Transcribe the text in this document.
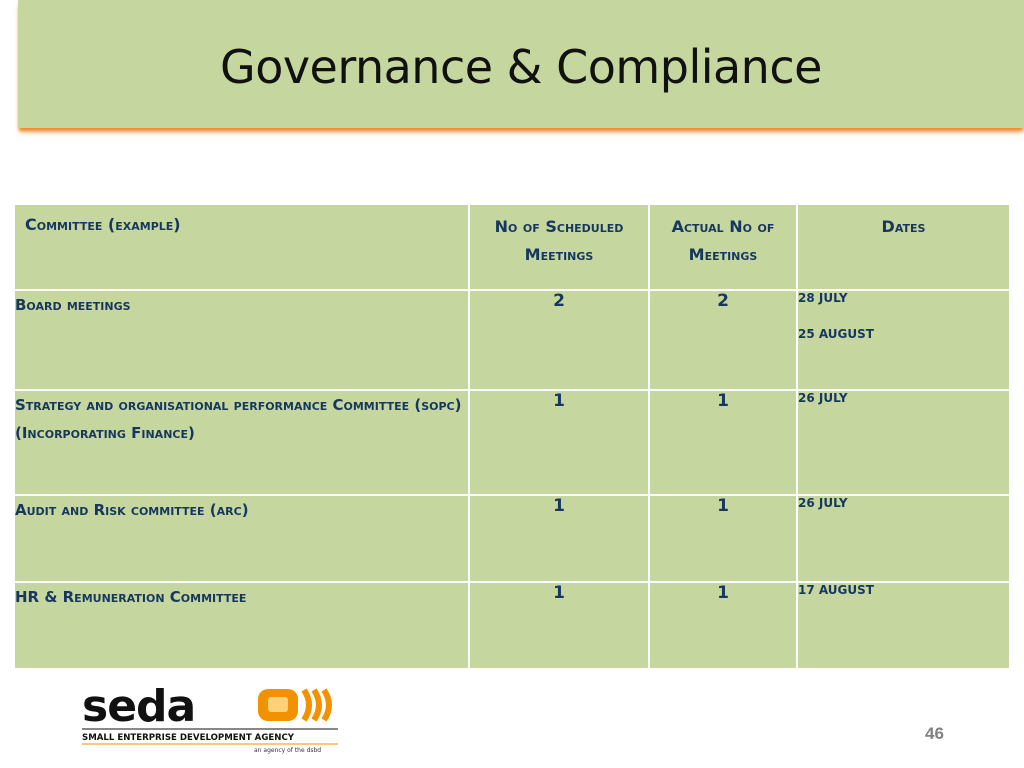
Governance & Compliance
Committee (example)	No of Scheduled Meetings	Actual No of Meetings	Dates
Board meetings	2	2	28 JULY
25 AUGUST

Strategy and organisational performance Committee (sopc) (Incorporating Finance)	1	1	26 JULY

Audit and Risk committee (arc)	1	1	26 JULY

HR & Remuneration Committee	1	1	17 AUGUST
seda
SMALL ENTERPRISE DEVELOPMENT AGENCY
an agency of the dsbd
46
